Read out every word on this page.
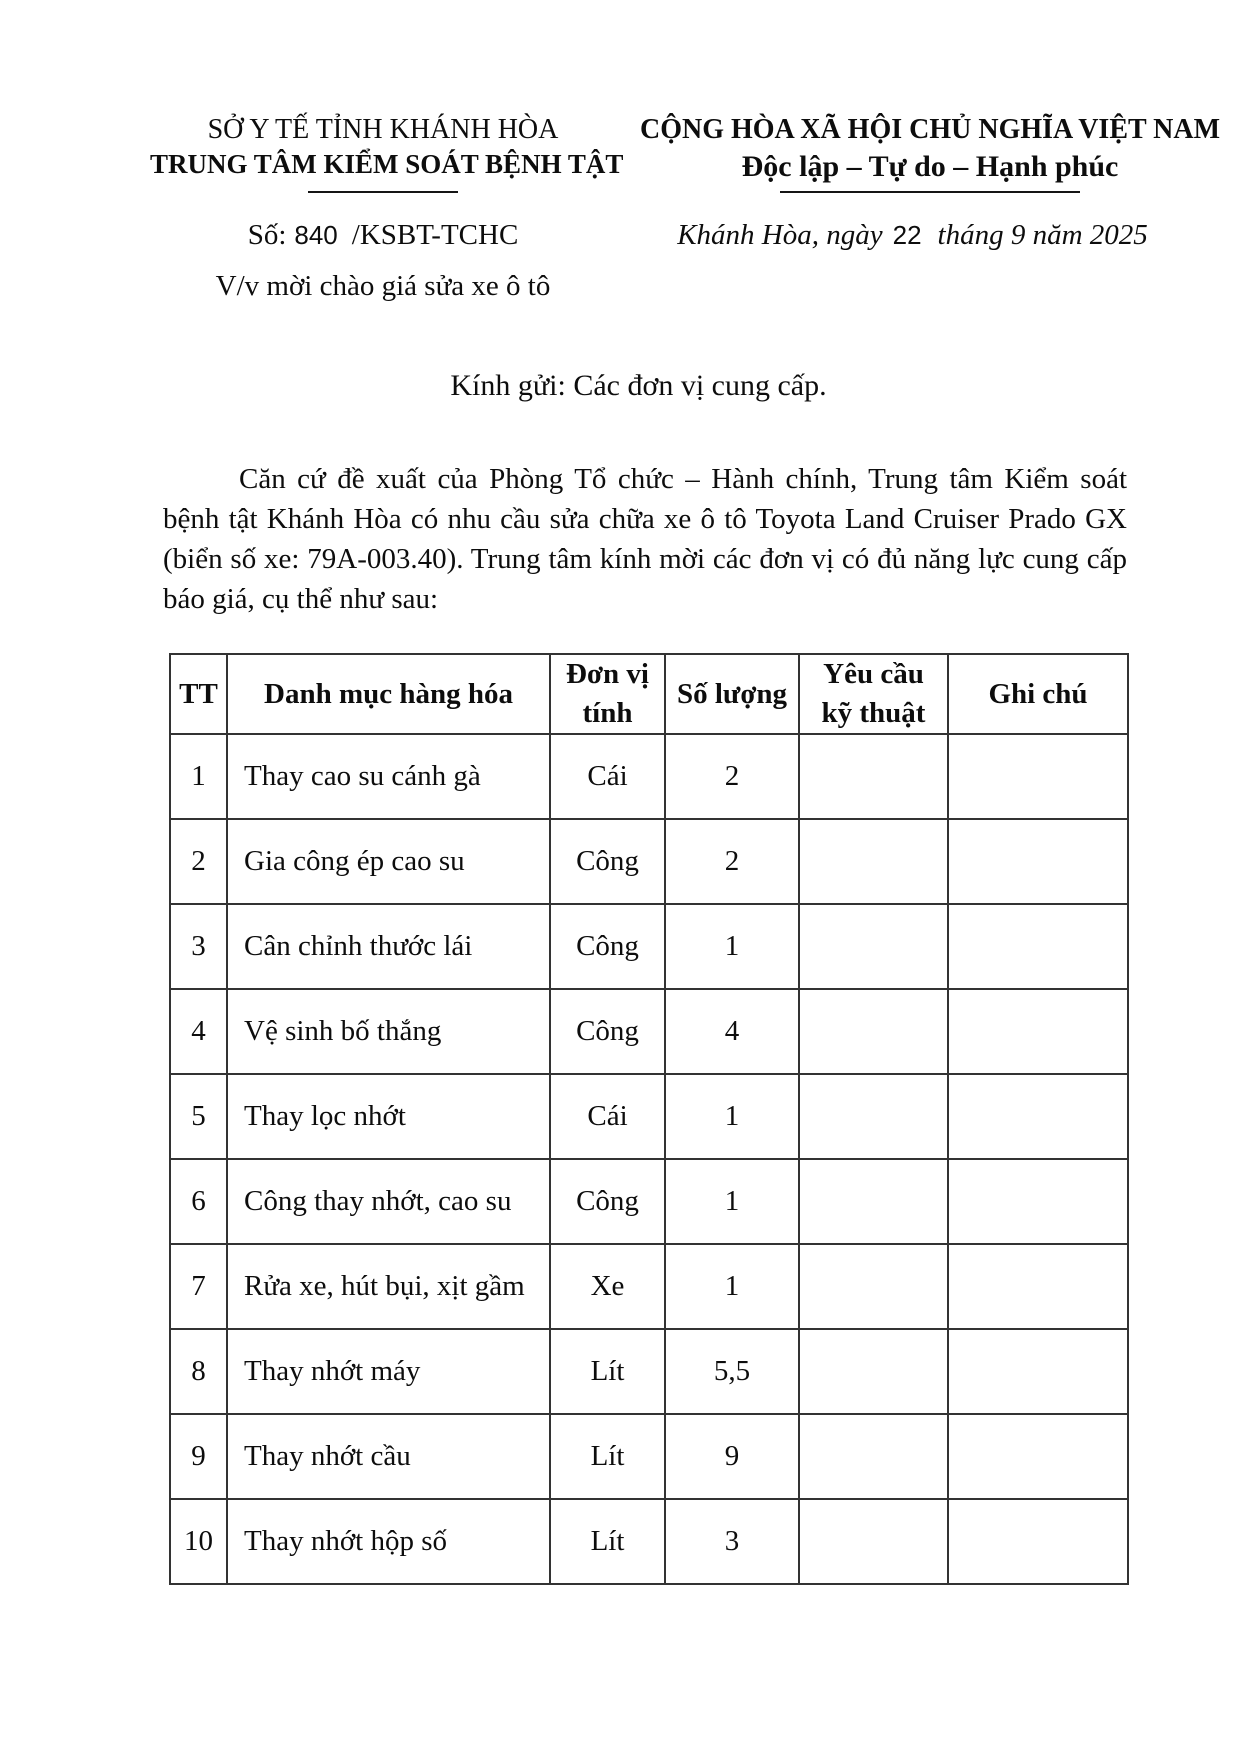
SỞ Y TẾ TỈNH KHÁNH HÒA
TRUNG TÂM KIỂM SOÁT BỆNH TẬT
CỘNG HÒA XÃ HỘI CHỦ NGHĨA VIỆT NAM
Độc lập – Tự do – Hạnh phúc
Số: 840 /KSBT-TCHC
V/v mời chào giá sửa xe ô tô
Khánh Hòa, ngày 22 tháng 9 năm 2025
Kính gửi: Các đơn vị cung cấp.

Căn cứ đề xuất của Phòng Tổ chức – Hành chính, Trung tâm Kiểm soát bệnh tật Khánh Hòa có nhu cầu sửa chữa xe ô tô Toyota Land Cruiser Prado GX (biển số xe: 79A-003.40). Trung tâm kính mời các đơn vị có đủ năng lực cung cấp báo giá, cụ thể như sau:

TT	Danh mục hàng hóa	Đơn vị tính	Số lượng	Yêu cầu kỹ thuật	Ghi chú
1	Thay cao su cánh gà	Cái	2		
2	Gia công ép cao su	Công	2		
3	Cân chỉnh thước lái	Công	1		
4	Vệ sinh bố thắng	Công	4		
5	Thay lọc nhớt	Cái	1		
6	Công thay nhớt, cao su	Công	1		
7	Rửa xe, hút bụi, xịt gầm	Xe	1		
8	Thay nhớt máy	Lít	5,5		
9	Thay nhớt cầu	Lít	9		
10	Thay nhớt hộp số	Lít	3		
